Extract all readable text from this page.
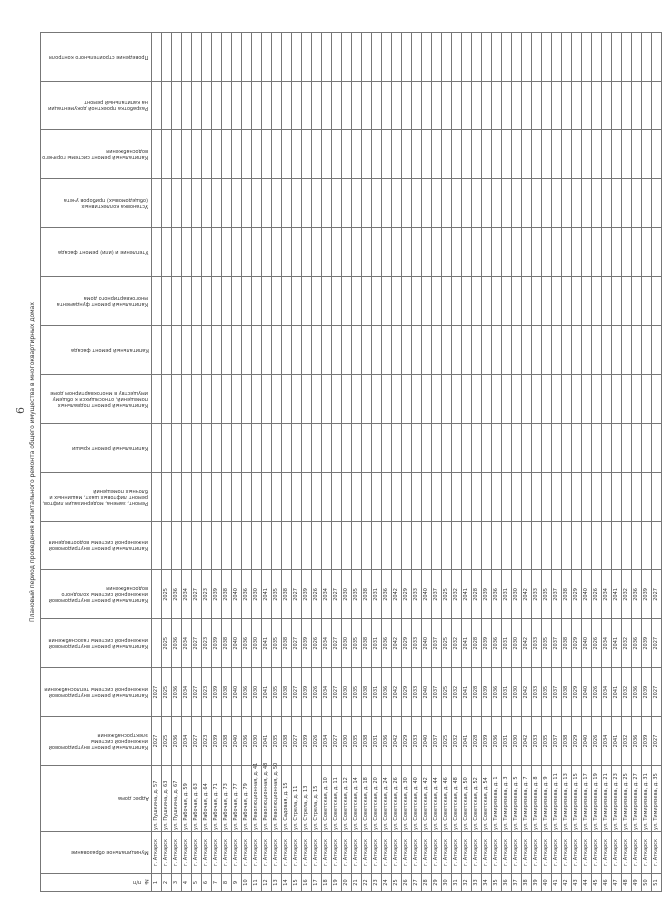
6 Плановый период проведения капитального ремонта общего имущества в многоквартирных домах
№ п/п	Муниципальное образование	Адрес дома	Капитальный ремонт внутридомовой инженерной системы электроснабжения	Капитальный ремонт внутридомовой инженерной системы теплоснабжения	Капитальный ремонт внутридомовой инженерной системы газоснабжения	Капитальный ремонт внутридомовой инженерной системы холодного водоснабжения	Капитальный ремонт внутридомовой инженерной системы водоотведения	Ремонт, замена, модернизация лифтов, ремонт лифтовых шахт, машинных и блочных помещений	Капитальный ремонт крыши	Капитальный ремонт подвальных помещений, относящихся к общему имуществу в многоквартирном доме	Капитальный ремонт фасада	Капитальный ремонт фундамента многоквартирного дома	Утепление и (или) ремонт фасада	Установка коллективных (общедомовых) приборов учета	Капитальный ремонт системы горячего водоснабжения	Разработка проектной документации на капитальный ремонт	Проведение строительного контроля
1	г. Аткарск	ул. Пушкина, д. 57	2027	2027													
2	г. Аткарск	ул. Пушкина, д. 63	2025	2025	2025	2025											
3	г. Аткарск	ул. Пушкина, д. 67	2036	2036	2036	2036											
4	г. Аткарск	ул. Рабочая, д. 59	2034	2034	2034	2034											
5	г. Аткарск	ул. Рабочая, д. 63	2027	2027	2027	2027											
6	г. Аткарск	ул. Рабочая, д. 64	2023	2023	2023	2023											
7	г. Аткарск	ул. Рабочая, д. 71	2039	2039	2039	2039											
8	г. Аткарск	ул. Рабочая, д. 73	2038	2038	2038	2038											
9	г. Аткарск	ул. Рабочая, д. 77	2040	2040	2040	2040											
10	г. Аткарск	ул. Рабочая, д. 79	2036	2036	2036	2036											
11	г. Аткарск	ул. Революционная, д. 41	2030	2030	2030	2030											
12	г. Аткарск	ул. Революционная, д. 48	2041	2041	2041	2041											
13	г. Аткарск	ул. Революционная, д. 50	2035	2035	2035	2035											
14	г. Аткарск	ул. Садовая, д. 15	2038	2038	2038	2038											
15	г. Аткарск	ул. Стрела, д. 11	2027	2027	2027	2027											
16	г. Аткарск	ул. Стрела, д. 13	2039	2039	2039	2039											
17	г. Аткарск	ул. Стрела, д. 15	2026	2026	2026	2026											
18	г. Аткарск	ул. Советская, д. 10	2034	2034	2034	2034											
19	г. Аткарск	ул. Советская, д. 11	2027	2027	2027	2027											
20	г. Аткарск	ул. Советская, д. 12	2030	2030	2030	2030											
21	г. Аткарск	ул. Советская, д. 14	2035	2035	2035	2035											
22	г. Аткарск	ул. Советская, д. 18	2038	2038	2038	2038											
23	г. Аткарск	ул. Советская, д. 20	2031	2031	2031	2031											
24	г. Аткарск	ул. Советская, д. 24	2036	2036	2036	2036											
25	г. Аткарск	ул. Советская, д. 26	2042	2042	2042	2042											
26	г. Аткарск	ул. Советская, д. 30	2029	2029	2029	2029											
27	г. Аткарск	ул. Советская, д. 40	2033	2033	2033	2033											
28	г. Аткарск	ул. Советская, д. 42	2040	2040	2040	2040											
29	г. Аткарск	ул. Советская, д. 44	2037	2037	2037	2037											
30	г. Аткарск	ул. Советская, д. 46	2025	2025	2025	2025											
31	г. Аткарск	ул. Советская, д. 48	2032	2032	2032	2032											
32	г. Аткарск	ул. Советская, д. 50	2041	2041	2041	2041											
33	г. Аткарск	ул. Советская, д. 52	2028	2028	2028	2028											
34	г. Аткарск	ул. Советская, д. 54	2039	2039	2039	2039											
35	г. Аткарск	ул. Тимирязева, д. 1	2036	2036	2036	2036											
36	г. Аткарск	ул. Тимирязева, д. 3	2031	2031	2031	2031											
37	г. Аткарск	ул. Тимирязева, д. 5	2030	2030	2030	2030											
38	г. Аткарск	ул. Тимирязева, д. 7	2042	2042	2042	2042											
39	г. Аткарск	ул. Тимирязева, д. 8	2033	2033	2033	2033											
40	г. Аткарск	ул. Тимирязева, д. 9	2035	2035	2035	2035											
41	г. Аткарск	ул. Тимирязева, д. 11	2037	2037	2037	2037											
42	г. Аткарск	ул. Тимирязева, д. 13	2038	2038	2038	2038											
43	г. Аткарск	ул. Тимирязева, д. 15	2029	2029	2029	2029											
44	г. Аткарск	ул. Тимирязева, д. 17	2040	2040	2040	2040											
45	г. Аткарск	ул. Тимирязева, д. 19	2026	2026	2026	2026											
46	г. Аткарск	ул. Тимирязева, д. 21	2034	2034	2034	2034											
47	г. Аткарск	ул. Тимирязева, д. 23	2041	2041	2041	2041											
48	г. Аткарск	ул. Тимирязева, д. 25	2032	2032	2032	2032											
49	г. Аткарск	ул. Тимирязева, д. 27	2036	2036	2036	2036											
50	г. Аткарск	ул. Тимирязева, д. 31	2039	2039	2039	2039											
51	г. Аткарск	ул. Тимирязева, д. 35	2027	2027	2027	2027											
